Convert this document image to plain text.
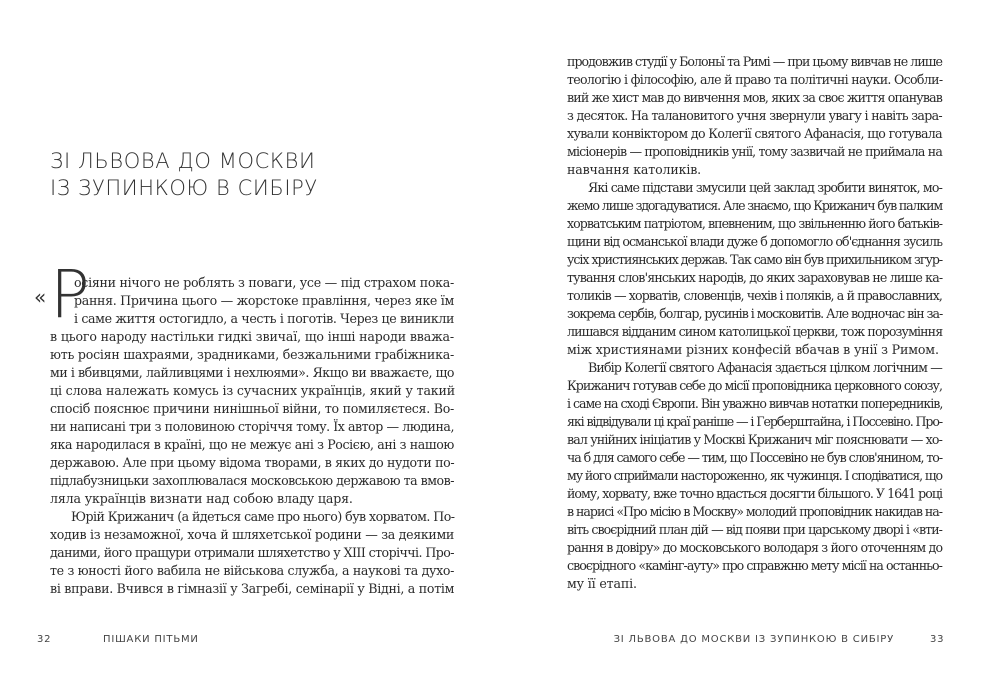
ЗІ ЛЬВОВА ДО МОСКВИ
ІЗ ЗУПИНКОЮ В СИБІРУ
« Р
осіяни нічого не роблять з поваги, усе — під страхом пока-
рання. Причина цього — жорстоке правління, через яке їм
і саме життя остогидло, а честь і поготів. Через це виникли
в цього народу настільки гидкі звичаї, що інші народи вважа-
ють росіян шахраями, зрадниками, безжальними грабіжника-
ми і вбивцями, лайливцями і нехлюями». Якщо ви вважаєте, що
ці слова належать комусь із сучасних українців, який у такий
спосіб пояснює причини нинішньої війни, то помиляєтеся. Во-
ни написані три з половиною сторіччя тому. Їх автор — людина,
яка народилася в країні, що не межує ані з Росією, ані з нашою
державою. Але при цьому відома творами, в яких до нудоти по-
підлабузницьки захоплювалася московською державою та вмов-
ляла українців визнати над собою владу царя.
Юрій Крижанич (а йдеться саме про нього) був хорватом. По-
ходив із незаможної, хоча й шляхетської родини — за деякими
даними, його пращури отримали шляхетство у XIII сторіччі. Про-
те з юності його вабила не військова служба, а наукові та духо-
ві вправи. Вчився в гімназії у Загребі, семінарії у Відні, а потім
32	ПІШАКИ ПІТЬМИ
продовжив студії у Болоньї та Римі — при цьому вивчав не лише
теологію і філософію, але й право та політичні науки. Особли-
вий же хист мав до вивчення мов, яких за своє життя опанував
з десяток. На талановитого учня звернули увагу і навіть зара-
хували конвіктором до Колегії святого Афанасія, що готувала
місіонерів — проповідників унії, тому зазвичай не приймала на
навчання католиків.
Які саме підстави змусили цей заклад зробити виняток, мо-
жемо лише здогадуватися. Але знаємо, що Крижанич був палким
хорватським патріотом, впевненим, що звільненню його батьків-
щини від османської влади дуже б допомогло об'єднання зусиль
усіх християнських держав. Так само він був прихильником згур-
тування слов'янських народів, до яких зараховував не лише ка-
толиків — хорватів, словенців, чехів і поляків, а й православних,
зокрема сербів, болгар, русинів і московитів. Але водночас він за-
лишався відданим сином католицької церкви, тож порозуміння
між християнами різних конфесій вбачав в унії з Римом.
Вибір Колегії святого Афанасія здається цілком логічним —
Крижанич готував себе до місії проповідника церковного союзу,
і саме на сході Європи. Він уважно вивчав нотатки попередників,
які відвідували ці краї раніше — і Герберштайна, і Поссевіно. Про-
вал унійних ініціатив у Москві Крижанич міг пояснювати — хо-
ча б для самого себе — тим, що Поссевіно не був слов'янином, то-
му його сприймали настороженно, як чужинця. І сподіватися, що
йому, хорвату, вже точно вдасться досягти більшого. У 1641 році
в нарисі «Про місію в Москву» молодий проповідник накидав на-
віть своєрідний план дій — від появи при царському дворі і «вти-
рання в довіру» до московського володаря з його оточенням до
своєрідного «камінг-ауту» про справжню мету місії на останньо-
му її етапі.
ЗІ ЛЬВОВА ДО МОСКВИ ІЗ ЗУПИНКОЮ В СИБІРУ	33
